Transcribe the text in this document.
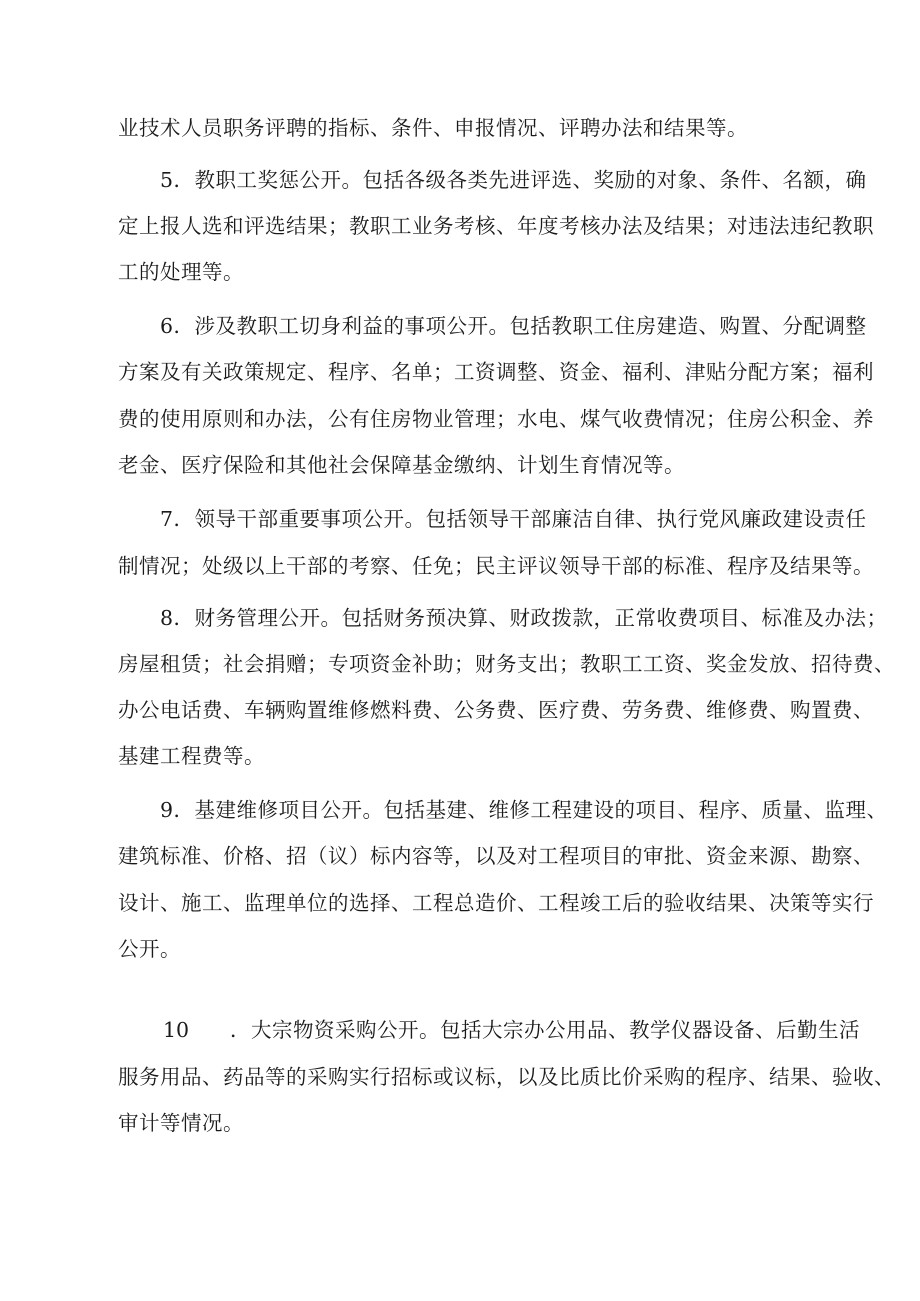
业技术人员职务评聘的指标、条件、申报情况、评聘办法和结果等。
5．教职工奖惩公开。包括各级各类先进评选、奖励的对象、条件、名额，确
定上报人选和评选结果；教职工业务考核、年度考核办法及结果；对违法违纪教职
工的处理等。
6．涉及教职工切身利益的事项公开。包括教职工住房建造、购置、分配调整
方案及有关政策规定、程序、名单；工资调整、资金、福利、津贴分配方案；福利
费的使用原则和办法，公有住房物业管理；水电、煤气收费情况；住房公积金、养
老金、医疗保险和其他社会保障基金缴纳、计划生育情况等。
7．领导干部重要事项公开。包括领导干部廉洁自律、执行党风廉政建设责任
制情况；处级以上干部的考察、任免；民主评议领导干部的标准、程序及结果等。
8．财务管理公开。包括财务预决算、财政拨款，正常收费项目、标准及办法；
房屋租赁；社会捐赠；专项资金补助；财务支出；教职工工资、奖金发放、招待费、
办公电话费、车辆购置维修燃料费、公务费、医疗费、劳务费、维修费、购置费、
基建工程费等。
9．基建维修项目公开。包括基建、维修工程建设的项目、程序、质量、监理、
建筑标准、价格、招（议）标内容等，以及对工程项目的审批、资金来源、勘察、
设计、施工、监理单位的选择、工程总造价、工程竣工后的验收结果、决策等实行
公开。
10 ．大宗物资采购公开。包括大宗办公用品、教学仪器设备、后勤生活
服务用品、药品等的采购实行招标或议标，以及比质比价采购的程序、结果、验收、
审计等情况。
